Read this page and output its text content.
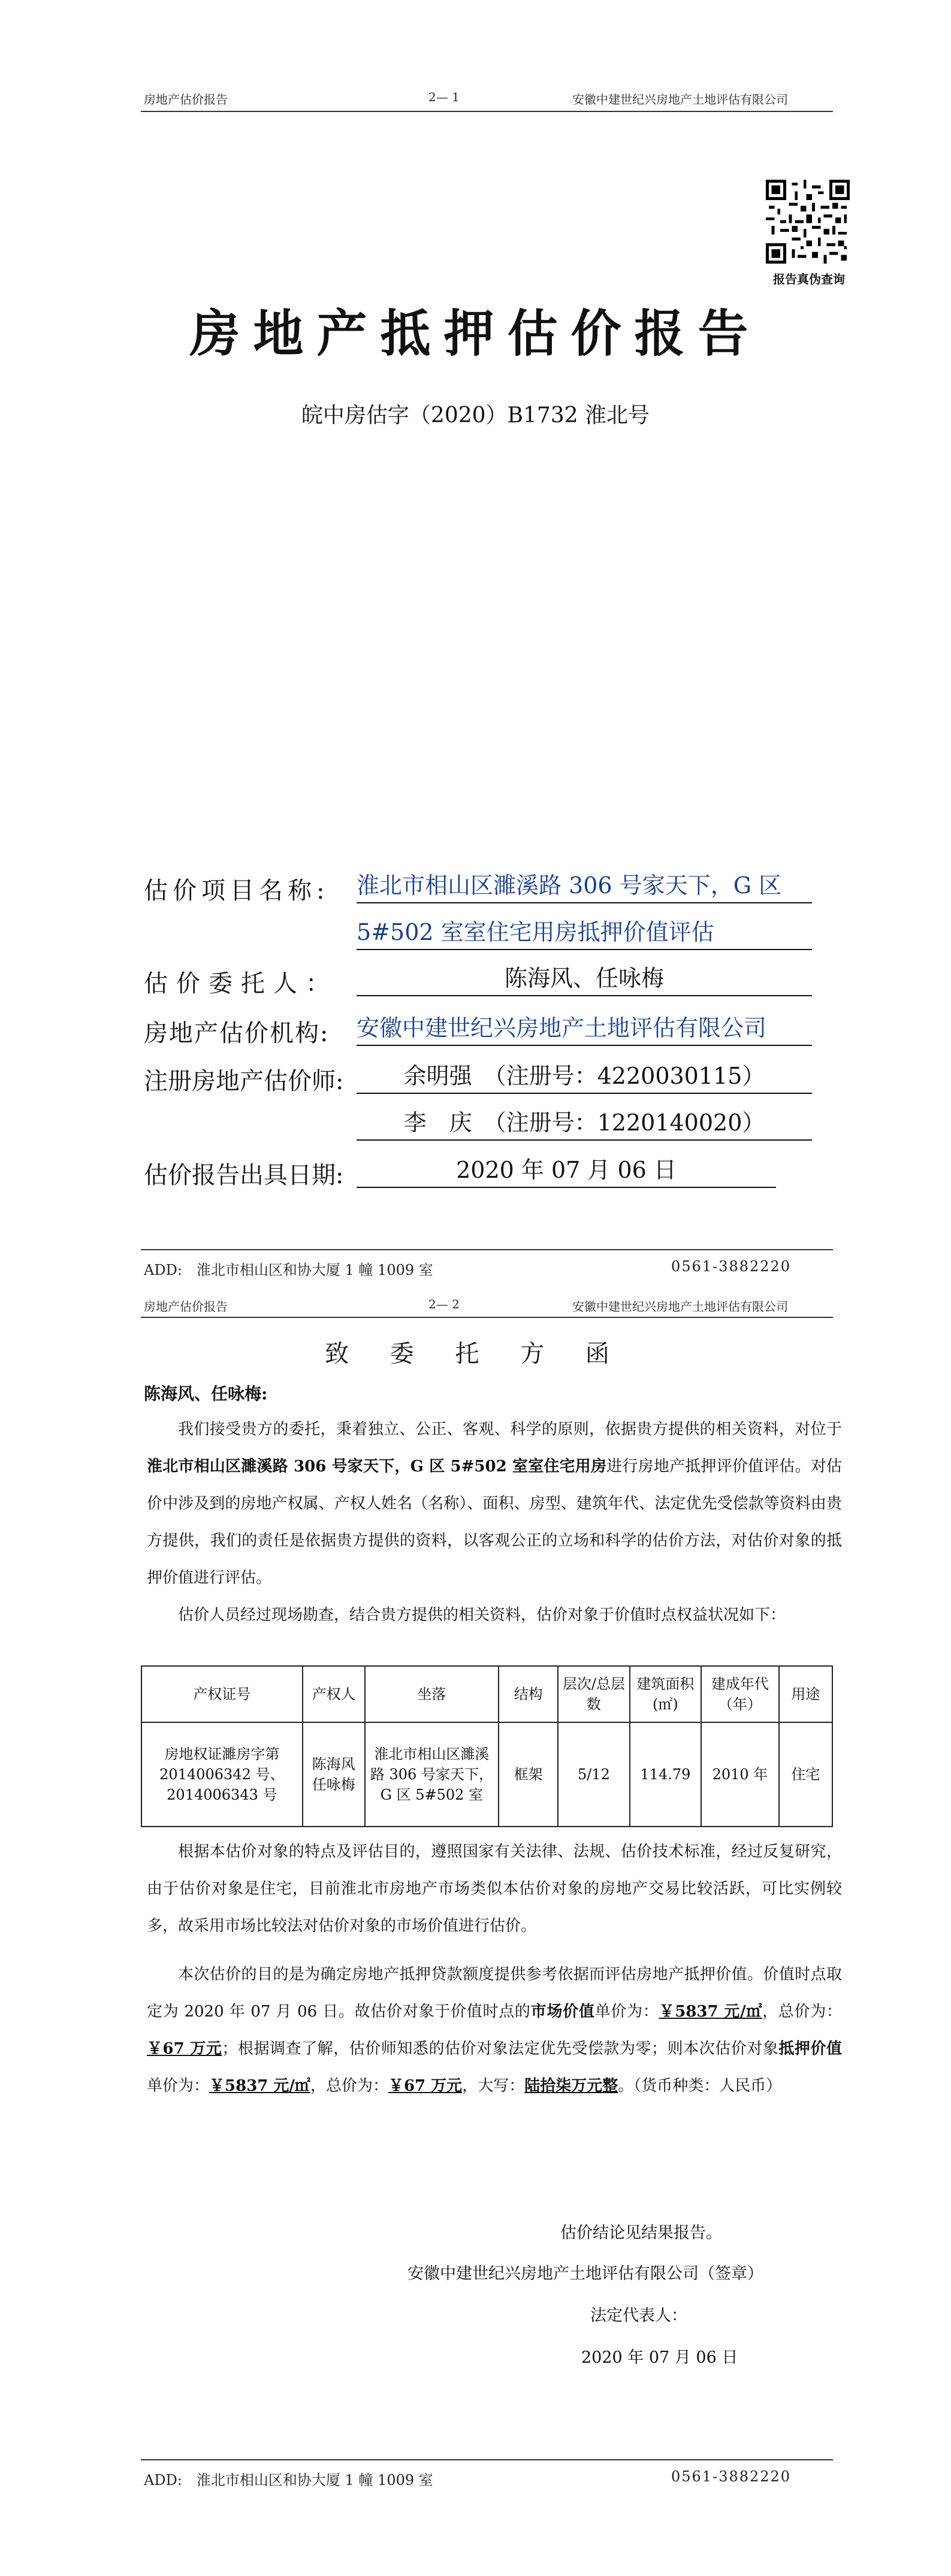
房地产估价报告	2— 1	安徽中建世纪兴房地产土地评估有限公司
报告真伪查询
房地产抵押估价报告
皖中房估字（2020）B1732 淮北号
估价项目名称: 淮北市相山区濉溪路 306 号家天下，G 区
5#502 室室住宅用房抵押价值评估
估价委托人：	陈海风、任咏梅
房地产估价机构: 安徽中建世纪兴房地产土地评估有限公司
注册房地产估价师:	余明强　（注册号：4220030115）
李　庆　（注册号：1220140020）
估价报告出具日期:	2020 年 07 月 06 日
ADD:　淮北市相山区和协大厦 1 幢 1009 室	0561-3882220
房地产估价报告	2— 2	安徽中建世纪兴房地产土地评估有限公司
致 委 托 方 函
陈海风、任咏梅:
我们接受贵方的委托，秉着独立、公正、客观、科学的原则，依据贵方提供的相关资料，对位于淮北市相山区濉溪路 306 号家天下，G 区 5#502 室室住宅用房进行房地产抵押评价值评估。对估价中涉及到的房地产权属、产权人姓名（名称）、面积、房型、建筑年代、法定优先受偿款等资料由贵方提供，我们的责任是依据贵方提供的资料，以客观公正的立场和科学的估价方法，对估价对象的抵押价值进行评估。
估价人员经过现场勘查，结合贵方提供的相关资料，估价对象于价值时点权益状况如下：
产权证号	产权人	坐落	结构	层次/总层数	建筑面积(㎡)	建成年代（年）	用途
房地权证濉房字第 2014006342 号、2014006343 号	陈海风 任咏梅	淮北市相山区濉溪路 306 号家天下，G 区 5#502 室	框架	5/12	114.79	2010 年	住宅
根据本估价对象的特点及评估目的，遵照国家有关法律、法规、估价技术标准，经过反复研究，由于估价对象是住宅，目前淮北市房地产市场类似本估价对象的房地产交易比较活跃，可比实例较多，故采用市场比较法对估价对象的市场价值进行估价。
本次估价的目的是为确定房地产抵押贷款额度提供参考依据而评估房地产抵押价值。价值时点取定为 2020 年 07 月 06 日。故估价对象于价值时点的市场价值单价为：￥5837 元/㎡，总价为：￥67 万元；根据调查了解，估价师知悉的估价对象法定优先受偿款为零；则本次估价对象抵押价值单价为：￥5837 元/㎡，总价为：￥67 万元，大写：陆拾柒万元整。（货币种类：人民币）
估价结论见结果报告。
安徽中建世纪兴房地产土地评估有限公司（签章）
法定代表人：
2020 年 07 月 06 日
ADD:　淮北市相山区和协大厦 1 幢 1009 室	0561-3882220
